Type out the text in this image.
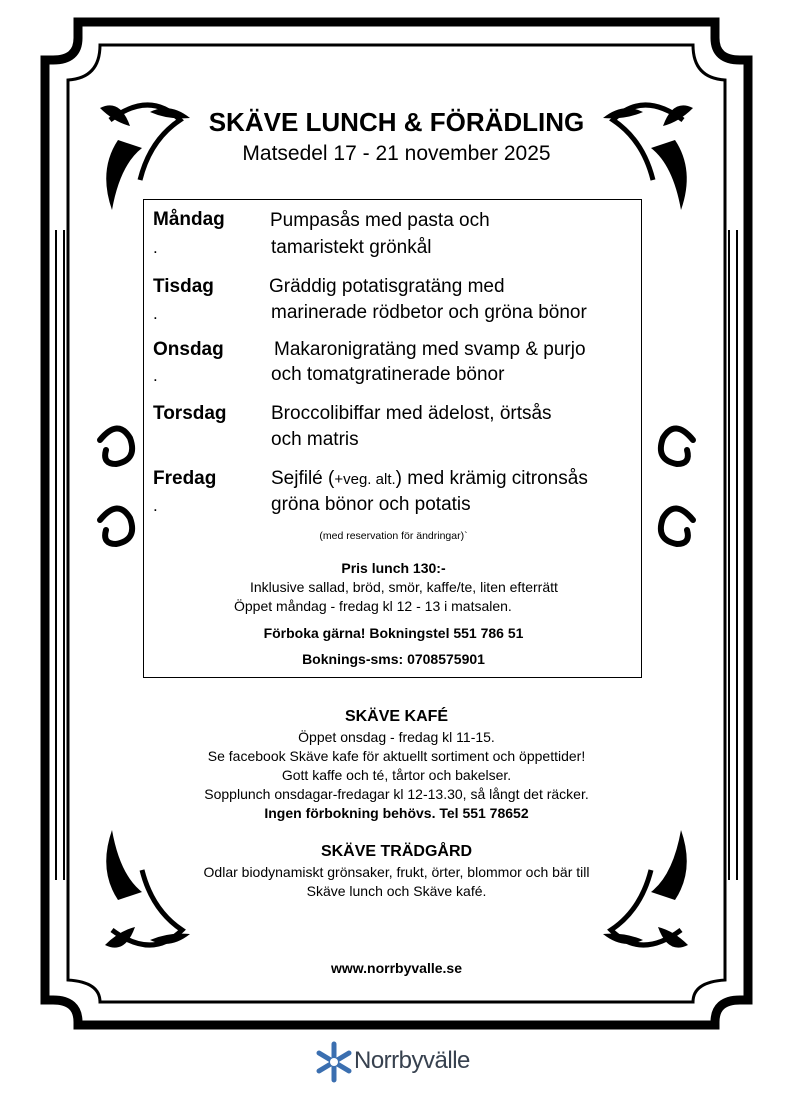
SKÄVE LUNCH & FÖRÄDLING
Matsedel 17 - 21 november 2025
Måndag
.
Pumpasås med pasta och
tamaristekt grönkål
Tisdag
.
Gräddig potatisgratäng med
marinerade rödbetor och gröna bönor
Onsdag
.
Makaronigratäng med svamp & purjo
och tomatgratinerade bönor
Torsdag Broccolibiffar med ädelost, örtsås
och matris
Fredag
.
Sejfilé (+veg. alt.) med krämig citronsås
gröna bönor och potatis
(med reservation för ändringar)`
Pris lunch 130:-
Inklusive sallad, bröd, smör, kaffe/te, liten efterrätt
Öppet måndag - fredag kl 12 - 13 i matsalen.
Förboka gärna! Bokningstel 551 786 51
Boknings-sms: 0708575901
SKÄVE KAFÉ
Öppet onsdag - fredag kl 11-15.
Se facebook Skäve kafe för aktuellt sortiment och öppettider!
Gott kaffe och té, tårtor och bakelser.
Sopplunch onsdagar-fredagar kl 12-13.30, så långt det räcker.
Ingen förbokning behövs. Tel 551 78652
SKÄVE TRÄDGÅRD
Odlar biodynamiskt grönsaker, frukt, örter, blommor och bär till
Skäve lunch och Skäve kafé.
www.norrbyvalle.se
Norrbyvälle
